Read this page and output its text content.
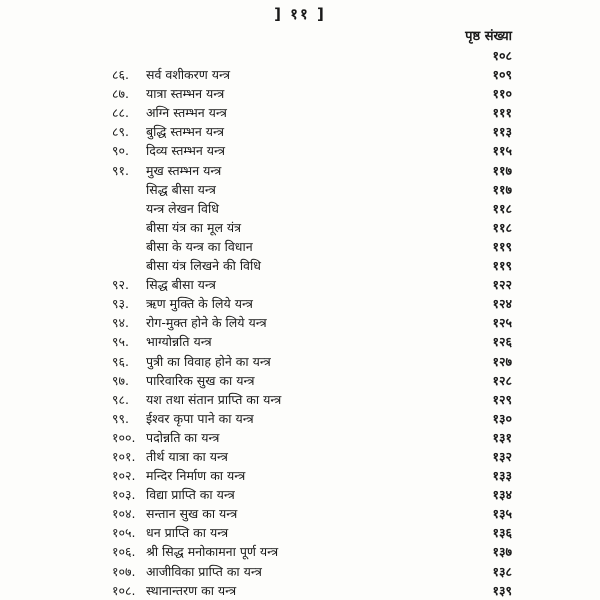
] ११ ]
पृष्ठ संख्या
१०८
८६.	सर्व वशीकरण यन्त्र	१०९
८७.	यात्रा स्तम्भन यन्त्र	११०
८८.	अग्नि स्तम्भन यन्त्र	१११
८९.	बुद्धि स्तम्भन यन्त्र	११३
९०.	दिव्य स्तम्भन यन्त्र	११५
९१.	मुख स्तम्भन यन्त्र	११७
सिद्ध बीसा यन्त्र	११७
यन्त्र लेखन विधि	११८
बीसा यंत्र का मूल यंत्र	११८
बीसा के यन्त्र का विधान	११९
बीसा यंत्र लिखने की विधि	११९
९२.	सिद्ध बीसा यन्त्र	१२२
९३.	ऋण मुक्ति के लिये यन्त्र	१२४
९४.	रोग-मुक्त होने के लिये यन्त्र	१२५
९५.	भाग्योन्नति यन्त्र	१२६
९६.	पुत्री का विवाह होने का यन्त्र	१२७
९७.	पारिवारिक सुख का यन्त्र	१२८
९८.	यश तथा संतान प्राप्ति का यन्त्र	१२९
९९.	ईश्वर कृपा पाने का यन्त्र	१३०
१००. पदोन्नति का यन्त्र	१३१
१०१. तीर्थ यात्रा का यन्त्र	१३२
१०२. मन्दिर निर्माण का यन्त्र	१३३
१०३. विद्या प्राप्ति का यन्त्र	१३४
१०४. सन्तान सुख का यन्त्र	१३५
१०५. धन प्राप्ति का यन्त्र	१३६
१०६. श्री सिद्ध मनोकामना पूर्ण यन्त्र	१३७
१०७. आजीविका प्राप्ति का यन्त्र	१३८
१०८. स्थानान्तरण का यन्त्र	१३९
